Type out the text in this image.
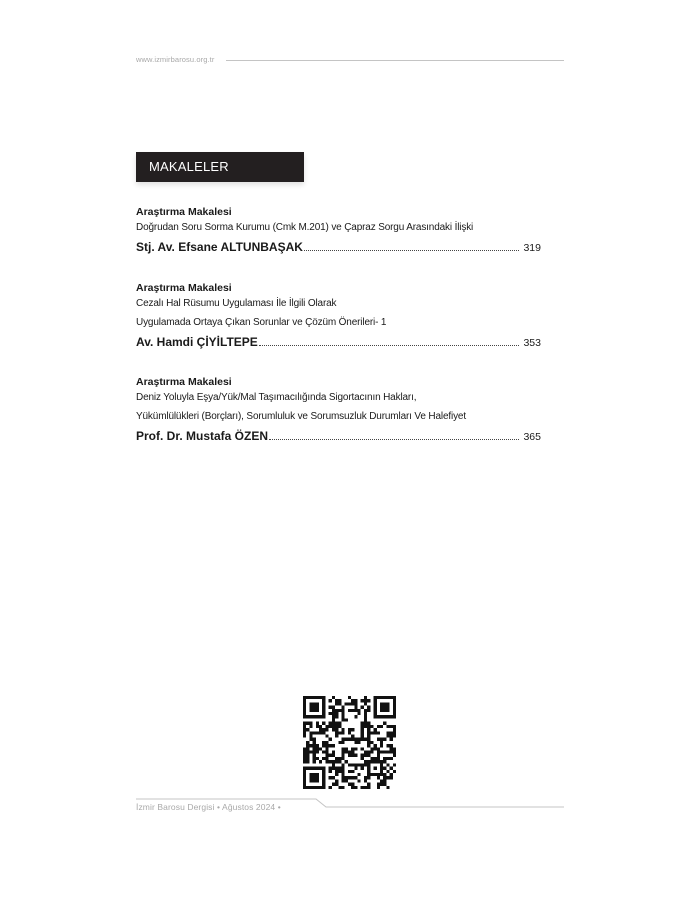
www.izmirbarosu.org.tr
MAKALELER
Araştırma Makalesi
Doğrudan Soru Sorma Kurumu (Cmk M.201) ve Çapraz Sorgu Arasındaki İlişki
Stj. Av. Efsane ALTUNBAŞAK	319
Araştırma Makalesi
Cezalı Hal Rüsumu Uygulaması İle İlgili Olarak
Uygulamada Ortaya Çıkan Sorunlar ve Çözüm Önerileri- 1
Av. Hamdi ÇİYİLTEPE	353
Araştırma Makalesi
Deniz Yoluyla Eşya/Yük/Mal Taşımacılığında Sigortacının Hakları,
Yükümlülükleri (Borçları), Sorumluluk ve Sorumsuzluk Durumları Ve Halefiyet
Prof. Dr. Mustafa ÖZEN	365
İzmir Barosu Dergisi • Ağustos 2024 •
